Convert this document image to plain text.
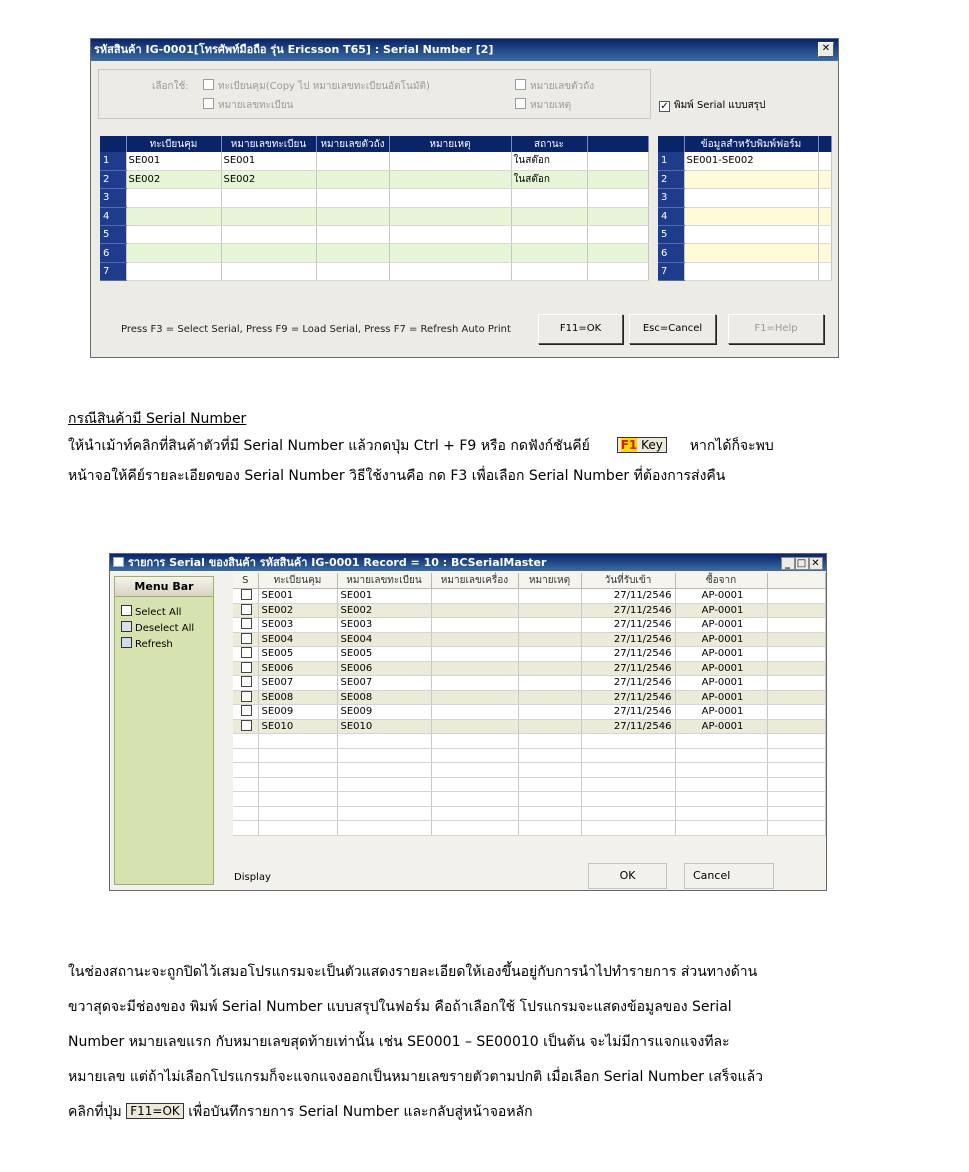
รหัสสินค้า IG-0001[โทรศัพท์มือถือ รุ่น Ericsson T65] : Serial Number [2]	✕
เลือกใช้:	ทะเบียนคุม(Copy ไป หมายเลขทะเบียนอัตโนมัติ)
หมายเลขทะเบียน
หมายเลขตัวถัง
หมายเหตุ ✓	พิมพ์ Serial แบบสรุป
	ทะเบียนคุม	หมายเลขทะเบียน	หมายเลขตัวถัง	หมายเหตุ	สถานะ	
1	SE001	SE001			ในสต๊อก	
2	SE002	SE002			ในสต๊อก	
3						
4						
5						
6						
7						
	ข้อมูลสำหรับพิมพ์ฟอร์ม	
1	SE001-SE002	
2		
3		
4		
5		
6		
7		
Press F3 = Select Serial, Press F9 = Load Serial, Press F7 = Refresh Auto Print	F11=OK	Esc=Cancel	F1=Help
กรณีสินค้ามี Serial Number
ให้นำเม้าท์คลิกที่สินค้าตัวที่มี Serial Number แล้วกดปุ่ม Ctrl + F9 หรือ กดฟังก์ชันคีย์	F1 Key หากได้ก็จะพบ
หน้าจอให้คีย์รายละเอียดของ Serial Number วิธีใช้งานคือ กด F3 เพื่อเลือก Serial Number ที่ต้องการส่งคืน
รายการ Serial ของสินค้า รหัสสินค้า IG-0001 Record = 10 : BCSerialMaster	_ □ ✕
Menu Bar
Select All
Deselect All
Refresh
S	ทะเบียนคุม	หมายเลขทะเบียน	หมายเลขเครื่อง	หมายเหตุ	วันที่รับเข้า	ซื้อจาก	
	SE001	SE001			27/11/2546	AP-0001	
	SE002	SE002			27/11/2546	AP-0001	
	SE003	SE003			27/11/2546	AP-0001	
	SE004	SE004			27/11/2546	AP-0001	
	SE005	SE005			27/11/2546	AP-0001	
	SE006	SE006			27/11/2546	AP-0001	
	SE007	SE007			27/11/2546	AP-0001	
	SE008	SE008			27/11/2546	AP-0001	
	SE009	SE009			27/11/2546	AP-0001	
	SE010	SE010			27/11/2546	AP-0001	

Display	OK	Cancel
ในช่องสถานะจะถูกปิดไว้เสมอโปรแกรมจะเป็นตัวแสดงรายละเอียดให้เองขึ้นอยู่กับการนำไปทำรายการ ส่วนทางด้าน
ขวาสุดจะมีช่องของ พิมพ์ Serial Number แบบสรุปในฟอร์ม คือถ้าเลือกใช้ โปรแกรมจะแสดงข้อมูลของ Serial
Number หมายเลขแรก กับหมายเลขสุดท้ายเท่านั้น เช่น SE0001 – SE00010 เป็นต้น จะไม่มีการแจกแจงทีละ
หมายเลข แต่ถ้าไม่เลือกโปรแกรมก็จะแจกแจงออกเป็นหมายเลขรายตัวตามปกติ เมื่อเลือก Serial Number เสร็จแล้ว
คลิกที่ปุ่ม F11=OK เพื่อบันทึกรายการ Serial Number และกลับสู่หน้าจอหลัก
